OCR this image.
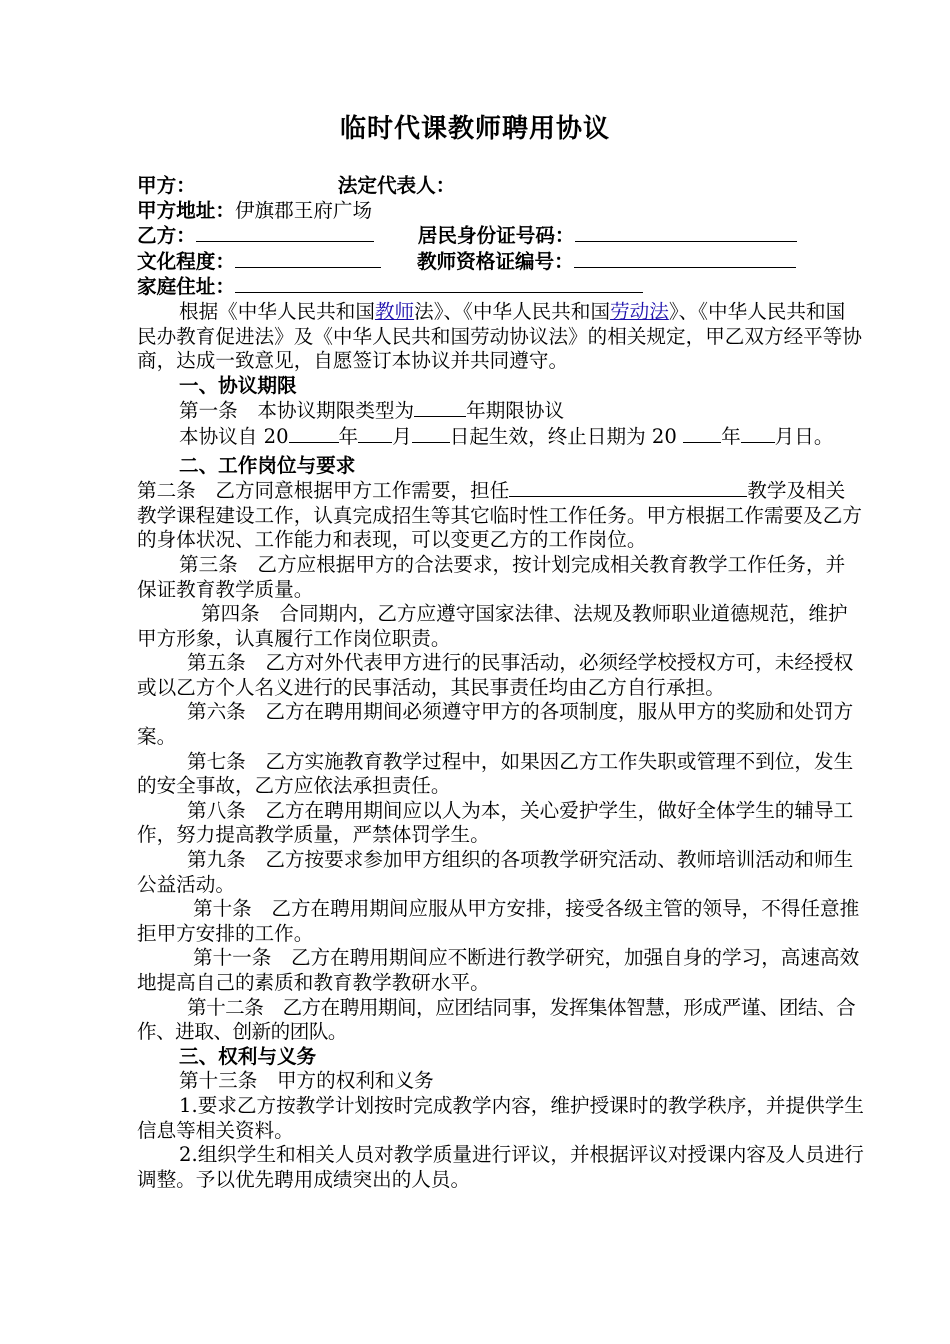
临时代课教师聘用协议

甲方：	法定代表人：

甲方地址：伊旗郡王府广场

乙方：	居民身份证号码：

文化程度：	教师资格证编号：

家庭住址：

根据《中华人民共和国教师法》、《中华人民共和国劳动法》、《中华人民共和国民办教育促进法》及《中华人民共和国劳动协议法》的相关规定，甲乙双方经平等协商，达成一致意见，自愿签订本协议并共同遵守。

一、协议期限

第一条　本协议期限类型为	年期限协议

本协议自 20	年 月 日起生效，终止日期为 20 年 月日。

二、工作岗位与要求

第二条　乙方同意根据甲方工作需要，担任	教学及相关教学课程建设工作，认真完成招生等其它临时性工作任务。甲方根据工作需要及乙方的身体状况、工作能力和表现，可以变更乙方的工作岗位。

第三条　乙方应根据甲方的合法要求，按计划完成相关教育教学工作任务，并保证教育教学质量。

第四条　合同期内，乙方应遵守国家法律、法规及教师职业道德规范，维护甲方形象，认真履行工作岗位职责。

第五条　乙方对外代表甲方进行的民事活动，必须经学校授权方可，未经授权或以乙方个人名义进行的民事活动，其民事责任均由乙方自行承担。

第六条　乙方在聘用期间必须遵守甲方的各项制度，服从甲方的奖励和处罚方案。

第七条　乙方实施教育教学过程中，如果因乙方工作失职或管理不到位，发生的安全事故，乙方应依法承担责任。

第八条　乙方在聘用期间应以人为本，关心爱护学生，做好全体学生的辅导工作，努力提高教学质量，严禁体罚学生。

第九条　乙方按要求参加甲方组织的各项教学研究活动、教师培训活动和师生公益活动。

第十条　乙方在聘用期间应服从甲方安排，接受各级主管的领导，不得任意推拒甲方安排的工作。

第十一条　乙方在聘用期间应不断进行教学研究，加强自身的学习，高速高效地提高自己的素质和教育教学教研水平。

第十二条　乙方在聘用期间，应团结同事，发挥集体智慧，形成严谨、团结、合作、进取、创新的团队。

三、权利与义务

第十三条　甲方的权利和义务

1.要求乙方按教学计划按时完成教学内容，维护授课时的教学秩序，并提供学生信息等相关资料。

2.组织学生和相关人员对教学质量进行评议，并根据评议对授课内容及人员进行调整。予以优先聘用成绩突出的人员。
